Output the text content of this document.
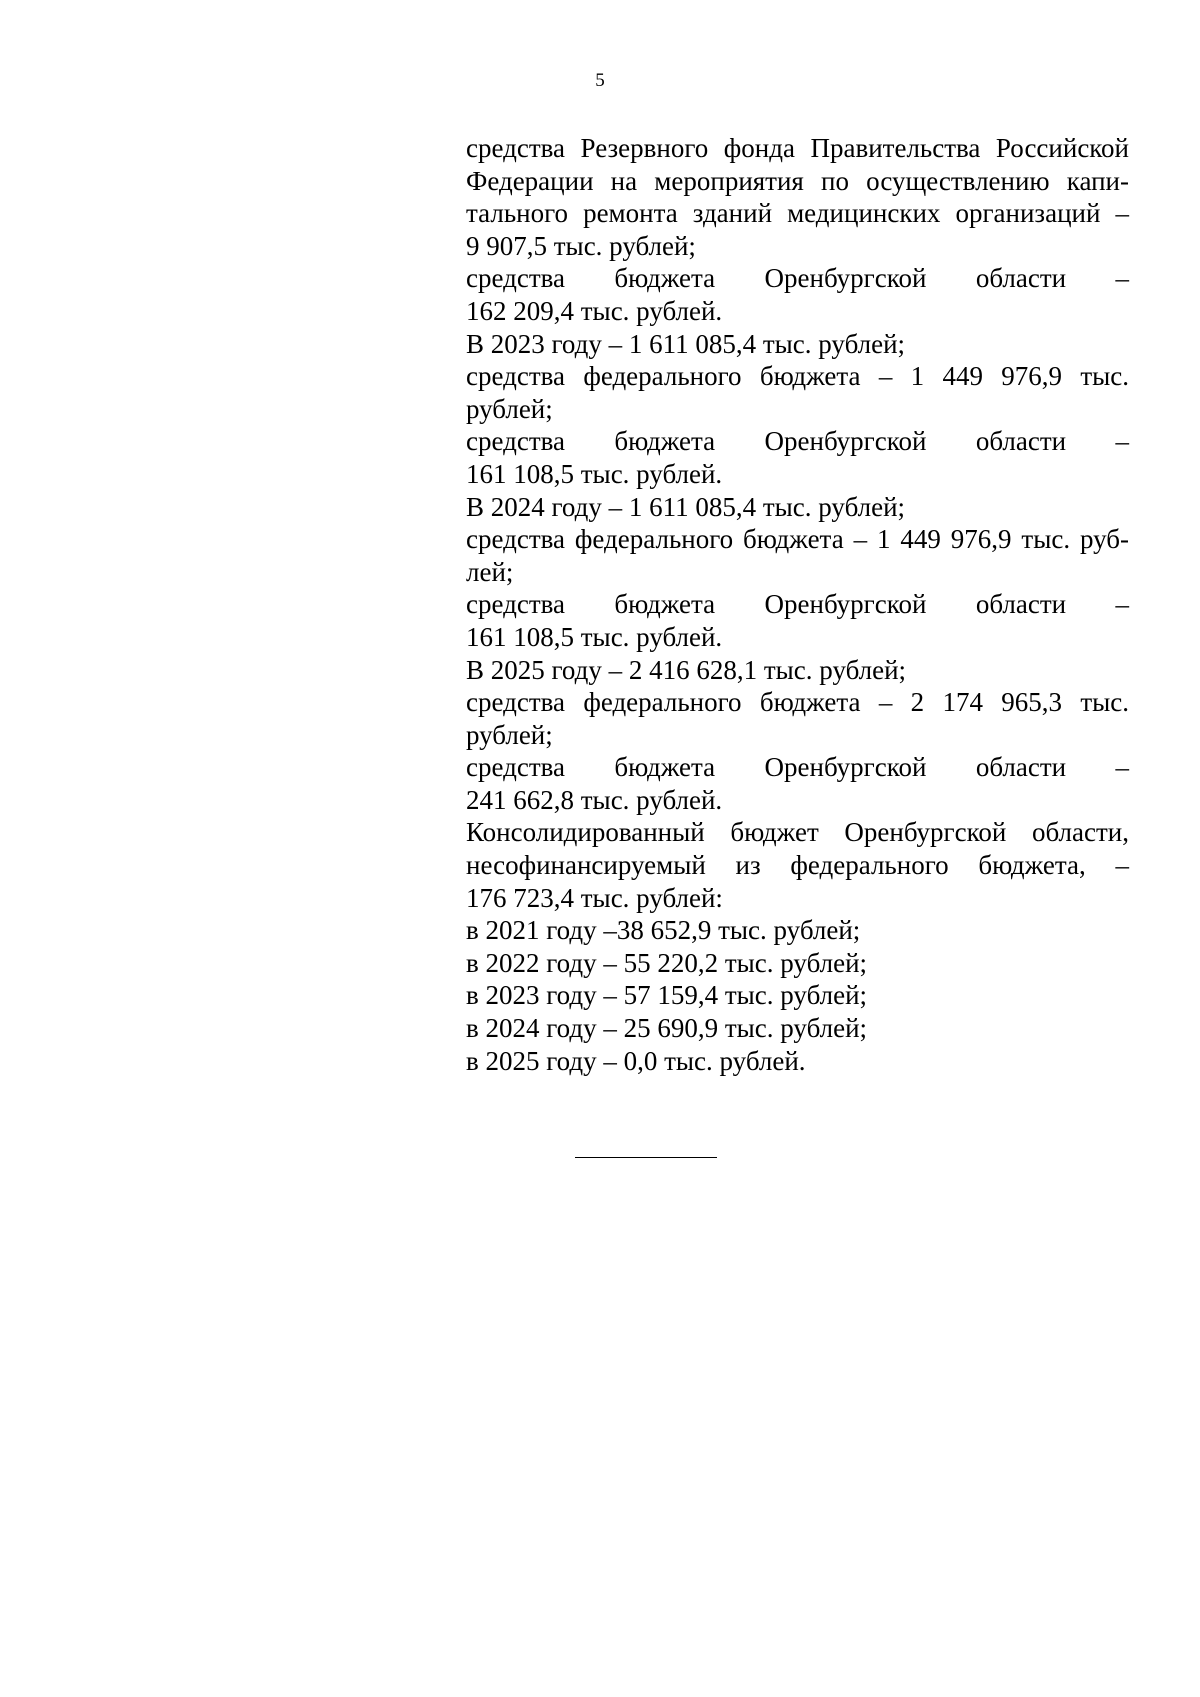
5
средства Резервного фонда Правительства Российской
Федерации на мероприятия по осуществлению капи-
тального ремонта зданий медицинских организаций –
9 907,5 тыс. рублей;
средства бюджета Оренбургской области –
162 209,4 тыс. рублей.
В 2023 году – 1 611 085,4 тыс. рублей;
средства федерального бюджета – 1 449 976,9 тыс.
рублей;
средства бюджета Оренбургской области –
161 108,5 тыс. рублей.
В 2024 году – 1 611 085,4 тыс. рублей;
средства федерального бюджета – 1 449 976,9 тыс. руб-
лей;
средства бюджета Оренбургской области –
161 108,5 тыс. рублей.
В 2025 году – 2 416 628,1 тыс. рублей;
средства федерального бюджета – 2 174 965,3 тыс.
рублей;
средства бюджета Оренбургской области –
241 662,8 тыс. рублей.
Консолидированный бюджет Оренбургской области,
несофинансируемый из федерального бюджета, –
176 723,4 тыс. рублей:
в 2021 году –38 652,9 тыс. рублей;
в 2022 году – 55 220,2 тыс. рублей;
в 2023 году – 57 159,4 тыс. рублей;
в 2024 году – 25 690,9 тыс. рублей;
в 2025 году – 0,0 тыс. рублей.
